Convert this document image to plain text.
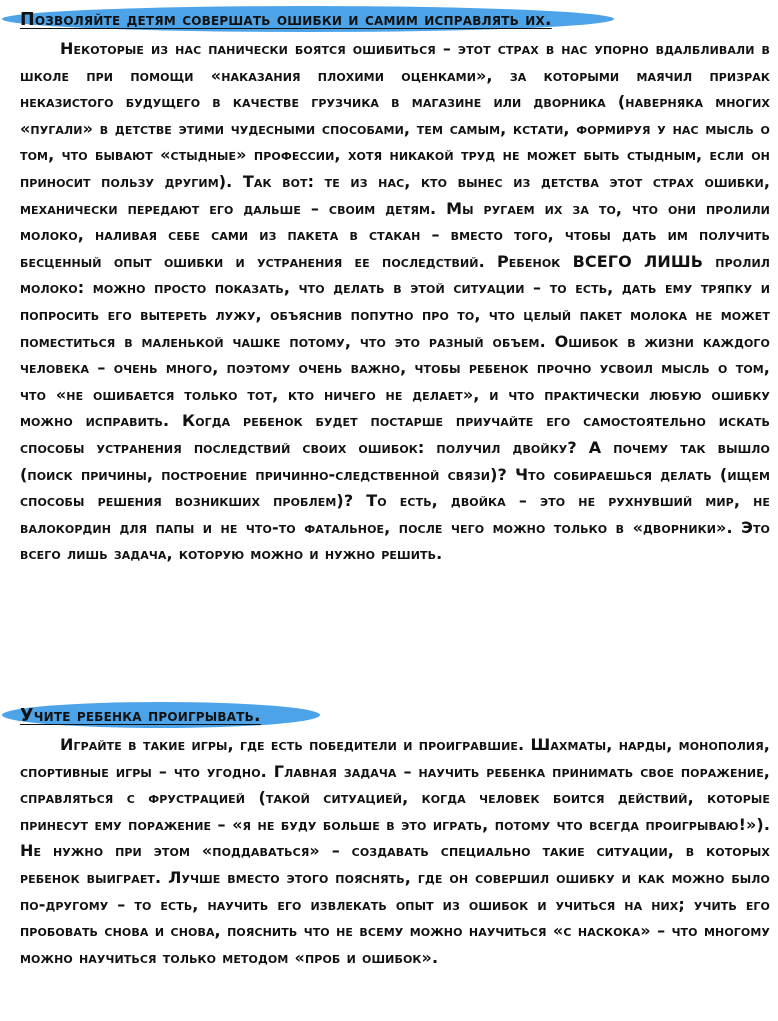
Позволяйте детям совершать ошибки и самим исправлять их.

Некоторые из нас панически боятся ошибиться – этот страх в нас упорно вдалбливали в школе при помощи «наказания плохими оценками», за которыми маячил призрак неказистого будущего в качестве грузчика в магазине или дворника (наверняка многих «пугали» в детстве этими чудесными способами, тем самым, кстати, формируя у нас мысль о том, что бывают «стыдные» профессии, хотя никакой труд не может быть стыдным, если он приносит пользу другим). Так вот: те из нас, кто вынес из детства этот страх ошибки, механически передают его дальше – своим детям. Мы ругаем их за то, что они пролили молоко, наливая себе сами из пакета в стакан – вместо того, чтобы дать им получить бесценный опыт ошибки и устранения ее последствий. Ребенок ВСЕГО ЛИШЬ пролил молоко: можно просто показать, что делать в этой ситуации – то есть, дать ему тряпку и попросить его вытереть лужу, объяснив попутно про то, что целый пакет молока не может поместиться в маленькой чашке потому, что это разный объем. Ошибок в жизни каждого человека – очень много, поэтому очень важно, чтобы ребенок прочно усвоил мысль о том, что «не ошибается только тот, кто ничего не делает», и что практически любую ошибку можно исправить. Когда ребенок будет постарше приучайте его самостоятельно искать способы устранения последствий своих ошибок: получил двойку? А почему так вышло (поиск причины, построение причинно-следственной связи)? Что собираешься делать (ищем способы решения возникших проблем)? То есть, двойка – это не рухнувший мир, не валокордин для папы и не что-то фатальное, после чего можно только в «дворники». Это всего лишь задача, которую можно и нужно решить.

Учите ребенка проигрывать.

Играйте в такие игры, где есть победители и проигравшие. Шахматы, нарды, монополия, спортивные игры – что угодно. Главная задача – научить ребенка принимать свое поражение, справляться с фрустрацией (такой ситуацией, когда человек боится действий, которые принесут ему поражение – «я не буду больше в это играть, потому что всегда проигрываю!»). Не нужно при этом «поддаваться» – создавать специально такие ситуации, в которых ребенок выиграет. Лучше вместо этого пояснять, где он совершил ошибку и как можно было по-другому – то есть, научить его извлекать опыт из ошибок и учиться на них; учить его пробовать снова и снова, пояснить что не всему можно научиться «с наскока» – что многому можно научиться только методом «проб и ошибок».
